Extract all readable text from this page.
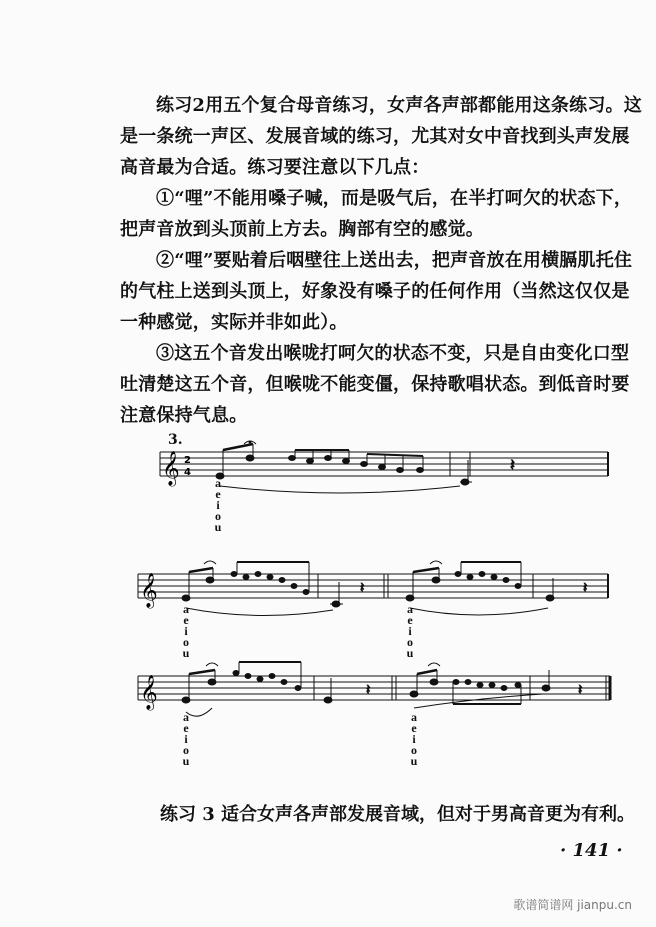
练习2用五个复合母音练习，女声各声部都能用这条练习。这
是一条统一声区、发展音域的练习，尤其对女中音找到头声发展
高音最为合适。练习要注意以下几点：
①“哩”不能用嗓子喊，而是吸气后，在半打呵欠的状态下，
把声音放到头顶前上方去。胸部有空的感觉。
②“哩”要贴着后咽壁往上送出去，把声音放在用横膈肌托住
的气柱上送到头顶上，好象没有嗓子的任何作用（当然这仅仅是
一种感觉，实际并非如此）。
③这五个音发出喉咙打呵欠的状态不变，只是自由变化口型
吐清楚这五个音，但喉咙不能变僵，保持歌唱状态。到低音时要
注意保持气息。
3.
𝄞 2
4	𝄽
a
e
i
o
u
𝄞	𝄽	𝄽
a
e
i
o
u
a
e
i
o
u
𝄞	𝄽	𝄽
a
e
i
o
u
a
e
i
o
u
练习 3 适合女声各声部发展音域，但对于男高音更为有利。
· 141 ·
歌谱简谱网 jianpu.cn
